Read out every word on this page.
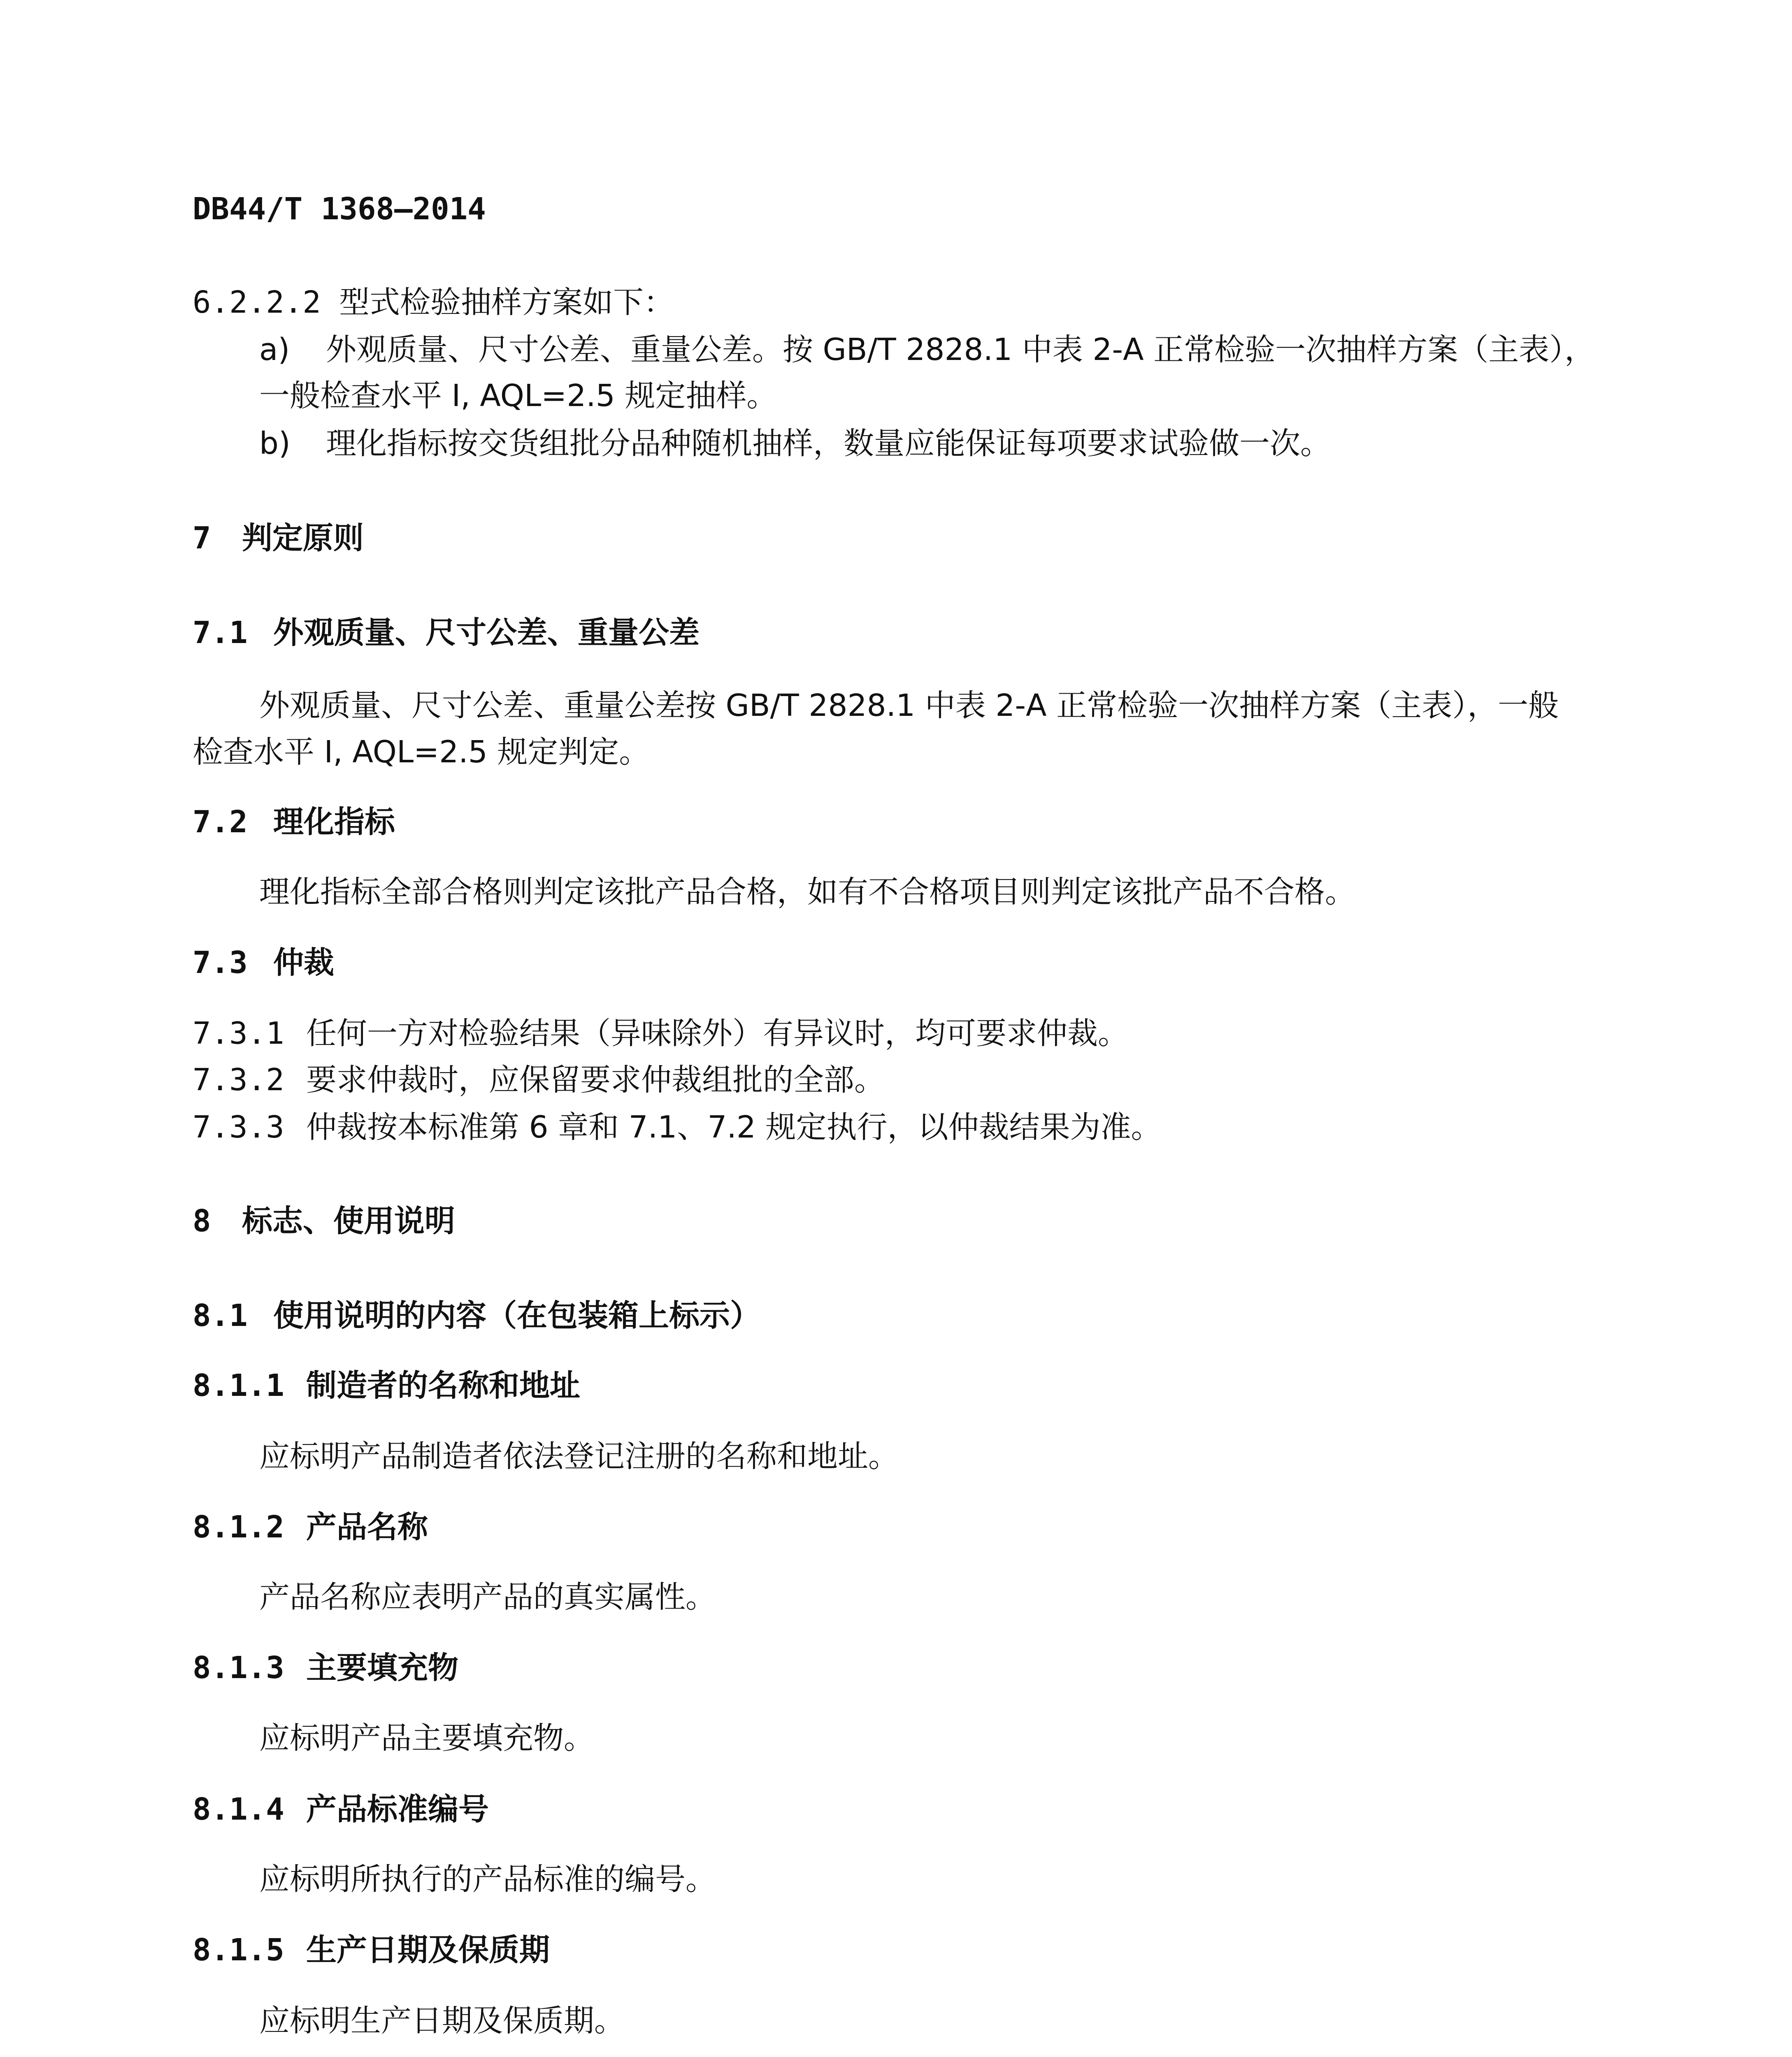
DB44/T 1368—2014
6.2.2.2 型式检验抽样方案如下：
a) 外观质量、尺寸公差、重量公差。按 GB/T 2828.1 中表 2-A 正常检验一次抽样方案（主表），
一般检查水平 I, AQL=2.5 规定抽样。
b) 理化指标按交货组批分品种随机抽样，数量应能保证每项要求试验做一次。
7 判定原则
7.1 外观质量、尺寸公差、重量公差
外观质量、尺寸公差、重量公差按 GB/T 2828.1 中表 2-A 正常检验一次抽样方案（主表），一般
检查水平 I, AQL=2.5 规定判定。
7.2 理化指标
理化指标全部合格则判定该批产品合格，如有不合格项目则判定该批产品不合格。
7.3 仲裁
7.3.1 任何一方对检验结果（异味除外）有异议时，均可要求仲裁。
7.3.2 要求仲裁时，应保留要求仲裁组批的全部。
7.3.3 仲裁按本标准第 6 章和 7.1、7.2 规定执行，以仲裁结果为准。
8 标志、使用说明
8.1 使用说明的内容（在包装箱上标示）
8.1.1 制造者的名称和地址
应标明产品制造者依法登记注册的名称和地址。
8.1.2 产品名称
产品名称应表明产品的真实属性。
8.1.3 主要填充物
应标明产品主要填充物。
8.1.4 产品标准编号
应标明所执行的产品标准的编号。
8.1.5 生产日期及保质期
应标明生产日期及保质期。
